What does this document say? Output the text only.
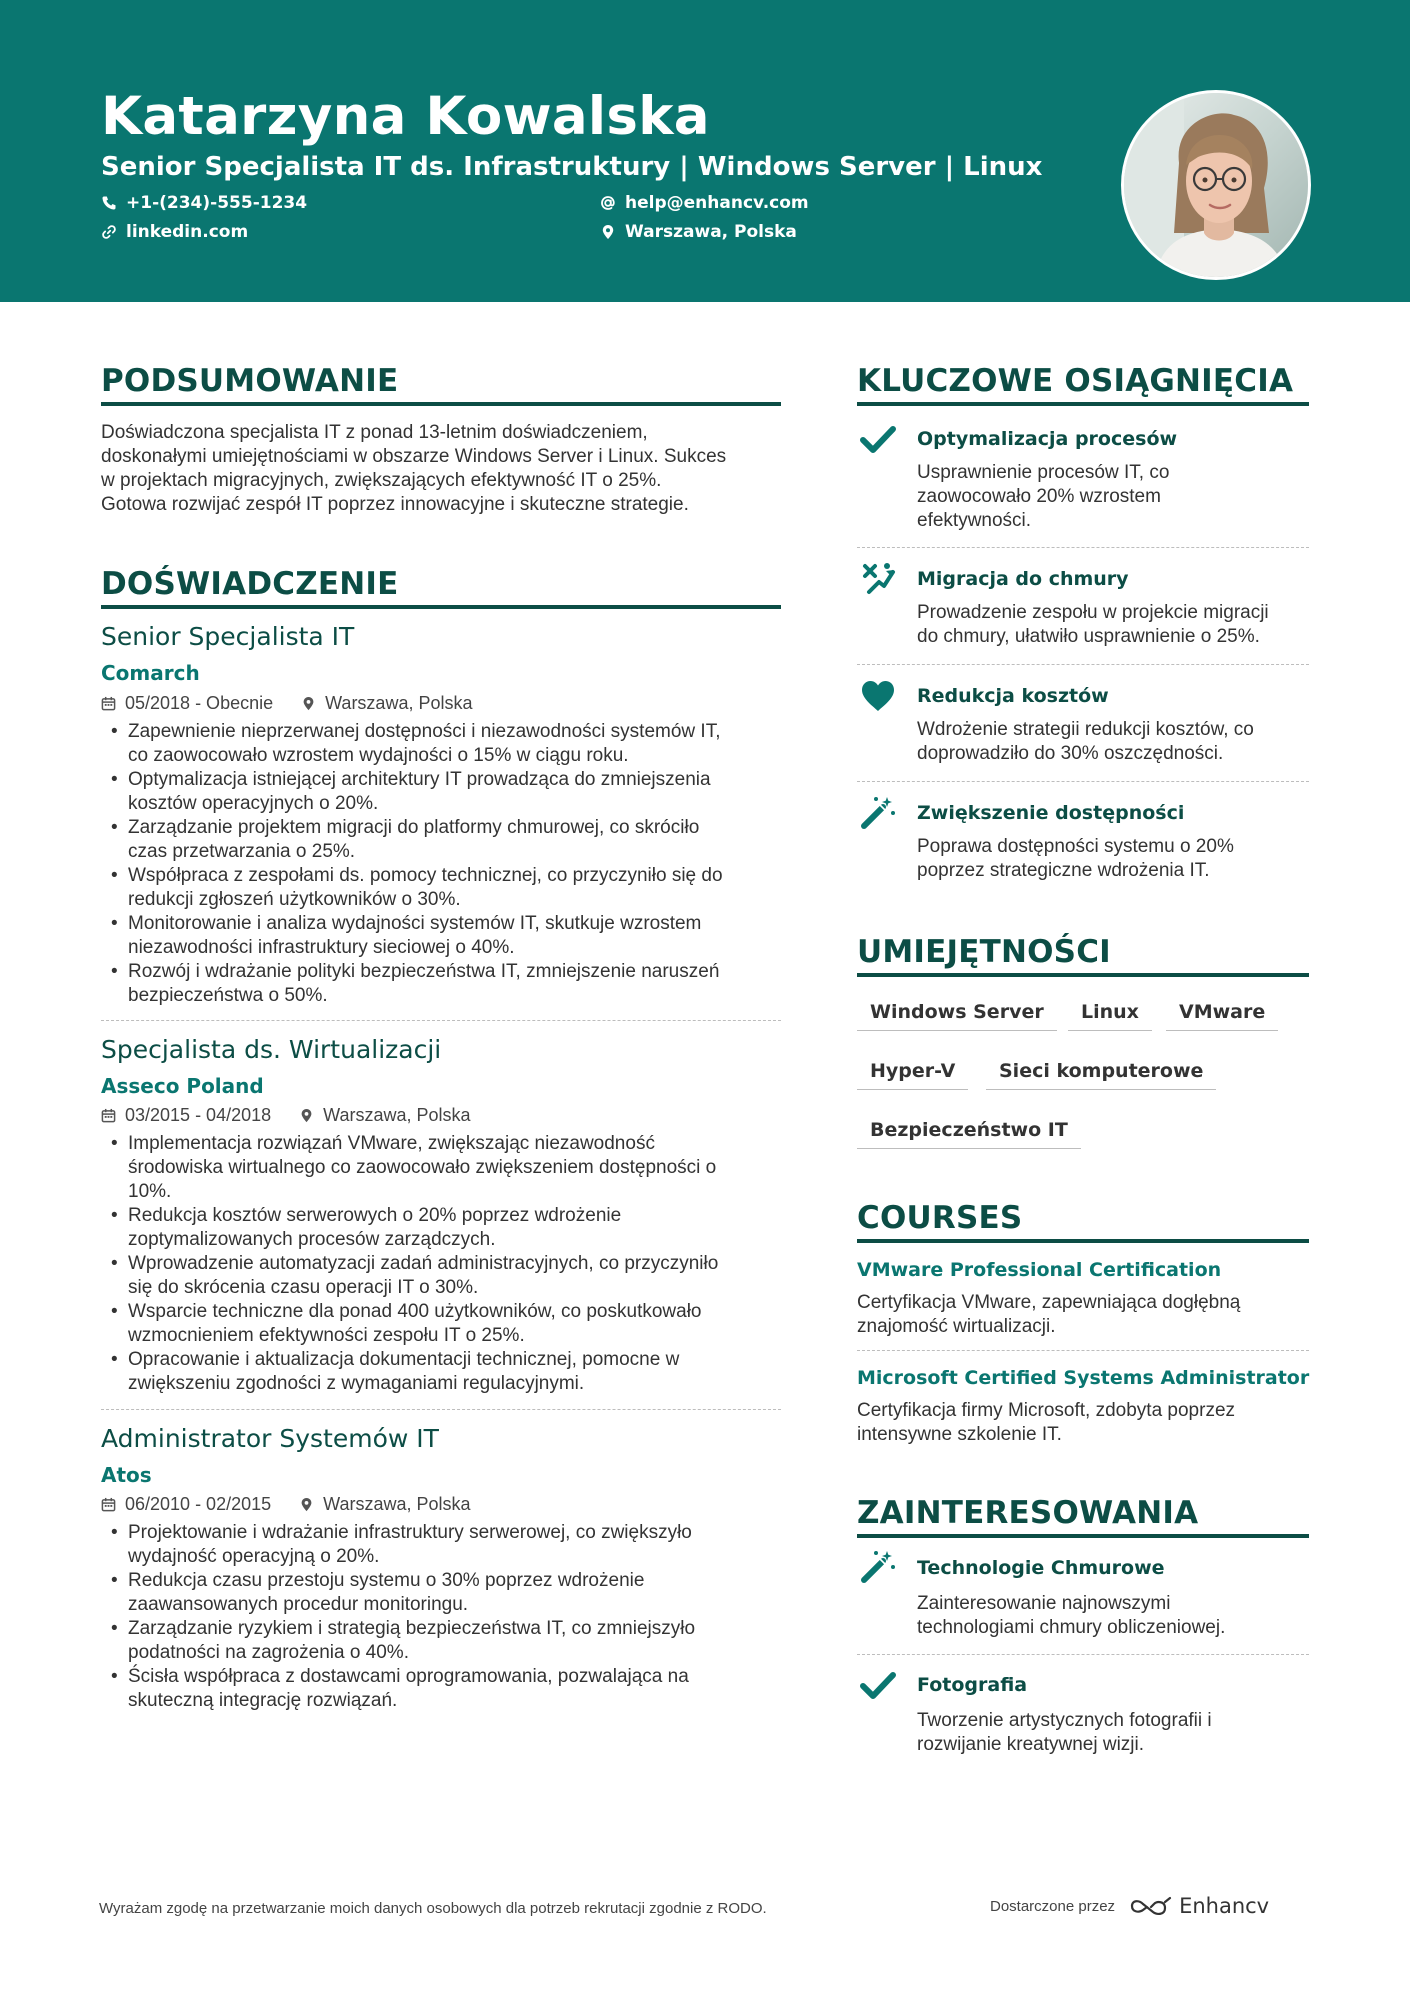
Katarzyna Kowalska
Senior Specjalista IT ds. Infrastruktury | Windows Server | Linux
+1-(234)-555-1234	help@enhancv.com
linkedin.com	Warszawa, Polska
PODSUMOWANIE
Doświadczona specjalista IT z ponad 13-letnim doświadczeniem,
doskonałymi umiejętnościami w obszarze Windows Server i Linux. Sukces
w projektach migracyjnych, zwiększających efektywność IT o 25%.
Gotowa rozwijać zespół IT poprzez innowacyjne i skuteczne strategie.
DOŚWIADCZENIE
Senior Specjalista IT
Comarch
05/2018 - Obecnie	Warszawa, Polska
• Zapewnienie nieprzerwanej dostępności i niezawodności systemów IT,
co zaowocowało wzrostem wydajności o 15% w ciągu roku.
• Optymalizacja istniejącej architektury IT prowadząca do zmniejszenia
kosztów operacyjnych o 20%.
• Zarządzanie projektem migracji do platformy chmurowej, co skróciło
czas przetwarzania o 25%.
• Współpraca z zespołami ds. pomocy technicznej, co przyczyniło się do
redukcji zgłoszeń użytkowników o 30%.
• Monitorowanie i analiza wydajności systemów IT, skutkuje wzrostem
niezawodności infrastruktury sieciowej o 40%.
• Rozwój i wdrażanie polityki bezpieczeństwa IT, zmniejszenie naruszeń
bezpieczeństwa o 50%.
Specjalista ds. Wirtualizacji
Asseco Poland
03/2015 - 04/2018	Warszawa, Polska
• Implementacja rozwiązań VMware, zwiększając niezawodność
środowiska wirtualnego co zaowocowało zwiększeniem dostępności o
10%.
• Redukcja kosztów serwerowych o 20% poprzez wdrożenie
zoptymalizowanych procesów zarządczych.
• Wprowadzenie automatyzacji zadań administracyjnych, co przyczyniło
się do skrócenia czasu operacji IT o 30%.
• Wsparcie techniczne dla ponad 400 użytkowników, co poskutkowało
wzmocnieniem efektywności zespołu IT o 25%.
• Opracowanie i aktualizacja dokumentacji technicznej, pomocne w
zwiększeniu zgodności z wymaganiami regulacyjnymi.
Administrator Systemów IT
Atos
06/2010 - 02/2015	Warszawa, Polska
• Projektowanie i wdrażanie infrastruktury serwerowej, co zwiększyło
wydajność operacyjną o 20%.
• Redukcja czasu przestoju systemu o 30% poprzez wdrożenie
zaawansowanych procedur monitoringu.
• Zarządzanie ryzykiem i strategią bezpieczeństwa IT, co zmniejszyło
podatności na zagrożenia o 40%.
• Ścisła współpraca z dostawcami oprogramowania, pozwalająca na
skuteczną integrację rozwiązań.
KLUCZOWE OSIĄGNIĘCIA
Optymalizacja procesów
Usprawnienie procesów IT, co
zaowocowało 20% wzrostem
efektywności.
Migracja do chmury
Prowadzenie zespołu w projekcie migracji
do chmury, ułatwiło usprawnienie o 25%.
Redukcja kosztów
Wdrożenie strategii redukcji kosztów, co
doprowadziło do 30% oszczędności.
Zwiększenie dostępności
Poprawa dostępności systemu o 20%
poprzez strategiczne wdrożenia IT.
UMIEJĘTNOŚCI
Windows Server	Linux	VMware
Hyper-V	Sieci komputerowe
Bezpieczeństwo IT
COURSES
VMware Professional Certification
Certyfikacja VMware, zapewniająca dogłębną
znajomość wirtualizacji.
Microsoft Certified Systems Administrator
Certyfikacja firmy Microsoft, zdobyta poprzez
intensywne szkolenie IT.
ZAINTERESOWANIA
Technologie Chmurowe
Zainteresowanie najnowszymi
technologiami chmury obliczeniowej.
Fotografia
Tworzenie artystycznych fotografii i
rozwijanie kreatywnej wizji.
Wyrażam zgodę na przetwarzanie moich danych osobowych dla potrzeb rekrutacji zgodnie z RODO.	Dostarczone przez	Enhancv
